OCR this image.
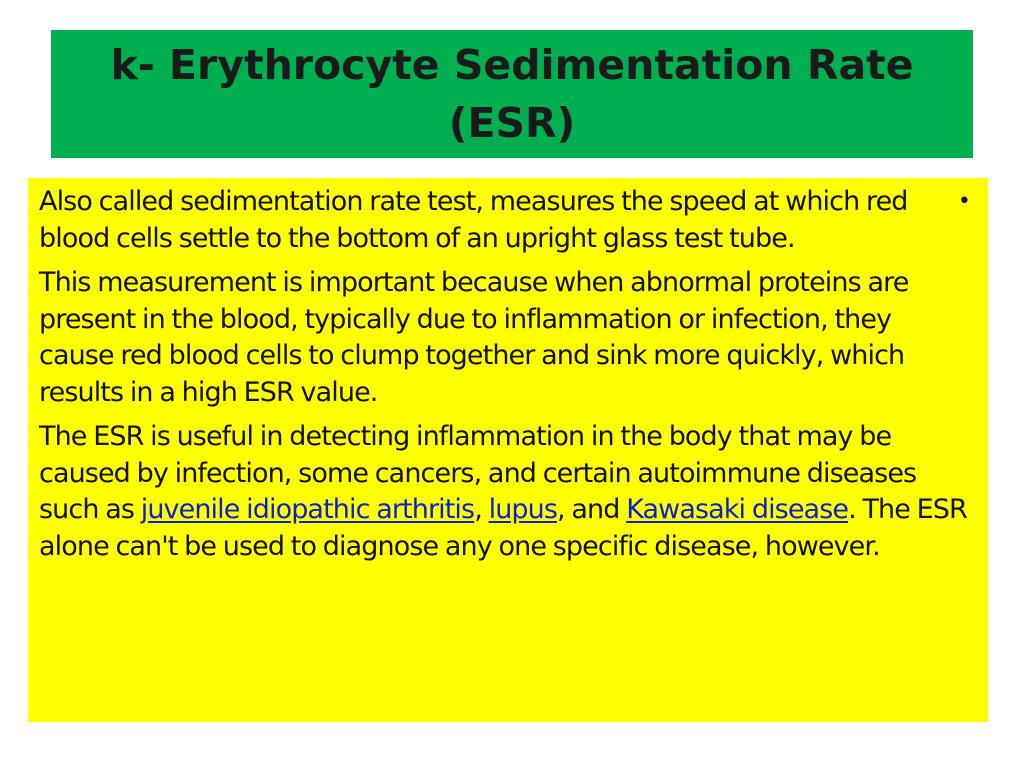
k- Erythrocyte Sedimentation Rate (ESR)

Also called sedimentation rate test, measures the speed at which red blood cells settle to the bottom of an upright glass test tube.
•

This measurement is important because when abnormal proteins are present in the blood, typically due to inflammation or infection, they cause red blood cells to clump together and sink more quickly, which results in a high ESR value.

The ESR is useful in detecting inflammation in the body that may be caused by infection, some cancers, and certain autoimmune diseases such as juvenile idiopathic arthritis, lupus, and Kawasaki disease. The ESR alone can't be used to diagnose any one specific disease, however.
